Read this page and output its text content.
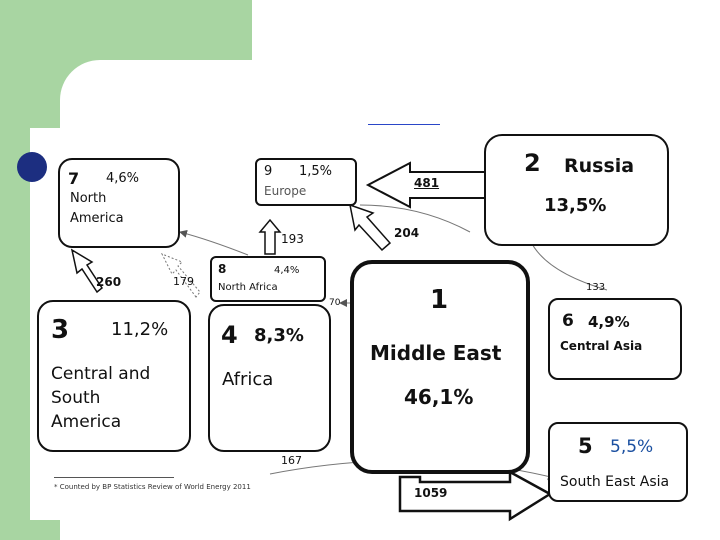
7 4,6%
North
America
9 1,5%
Europe
2 Russia
13,5%
8	4,4%
North Africa
3 11,2%
Central and
South
America
4 8,3%
Africa
1
Middle East
46,1%
6 4,9%
Central Asia
5 5,5%
South East Asia
481
193	204
260	179	133
70
167
1059
* Counted by BP Statistics Review of World Energy 2011
